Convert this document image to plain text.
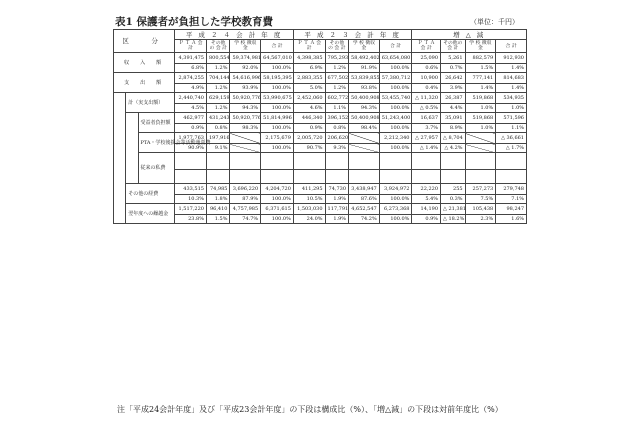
表1 保護者が負担した学校教育費	（単位：千円）
区　分			平 成 ２ ４ 会 計 年 度				平 成 ２ ３ 会 計 年 度				増 △ 減			
			Ｐ Ｔ Ａ 会 計	その他の 会 計	学 校 徴収金	合 計	Ｐ Ｔ Ａ 会 計	その他の 会 計	学 校 徴収金	合 計	Ｐ Ｔ Ａ 会 計	その他の 会 計	学 校 徴収金	合 計
収　入　額			4,391,475	800,554	59,374,981	64,567,010	4,398,385	795,293	58,492,402	63,654,080	25,090	5,261	882,579	912,930
			6.8%	1.2%	92.0%	100.0%	6.9%	1.2%	91.9%	100.0%	0.6%	0.7%	1.5%	1.4%
支　出　額			2,874,255	704,144	54,616,996	58,195,395	2,883,355	677,502	53,839,855	57,380,712	10,900	26,642	777,141	814,683
			4.9%	1.2%	93.9%	100.0%	5.0%	1.2%	93.8%	100.0%	0.4%	3.9%	1.4%	1.4%
	計（実支出額）		2,440,740	629,159	50,920,776	53,990,675	2,452,060	602,772	50,400,908	53,455,740	△ 11,320	26,387	519,868	534,935
			4.5%	1.2%	94.3%	100.0%	4.6%	1.1%	94.3%	100.0%	△ 0.5%	4.4%	1.0%	1.0%
		受益者負担額	462,977	431,243	50,920,776	51,814,996	446,340	396,152	50,400,908	51,243,400	16,637	35,091	519,868	571,596
			0.9%	0.8%	98.3%	100.0%	0.9%	0.8%	98.4%	100.0%	3.7%	8.9%	1.0%	1.1%
		PTA・学校後援会等活動運営費	1,977,763	197,916		2,175,679	2,005,720	206,620		2,212,340	△ 27,957	△ 8,704		△ 36,661
			90.9%	9.1%		100.0%	90.7%	9.3%		100.0%	△ 1.4%	△ 4.2%		△ 1.7%
		従来の私費												

	その他の経費		433,515	74,985	3,696,220	4,204,720	411,295	74,730	3,438,947	3,924,972	22,220	255	257,273	279,748
			10.3%	1.8%	87.9%	100.0%	10.5%	1.9%	87.6%	100.0%	5.4%	0.3%	7.5%	7.1%
	翌年度への繰越金		1,517,220	96,410	4,757,985	6,371,615	1,503,030	117,791	4,652,547	6,273,368	14,190	△ 21,381	105,438	98,247
			23.8%	1.5%	74.7%	100.0%	24.0%	1.9%	74.2%	100.0%	0.9%	△ 18.2%	2.3%	1.6%
注「平成24会計年度」及び「平成23会計年度」の下段は構成比（%）、「増△減」の下段は対前年度比（%）
